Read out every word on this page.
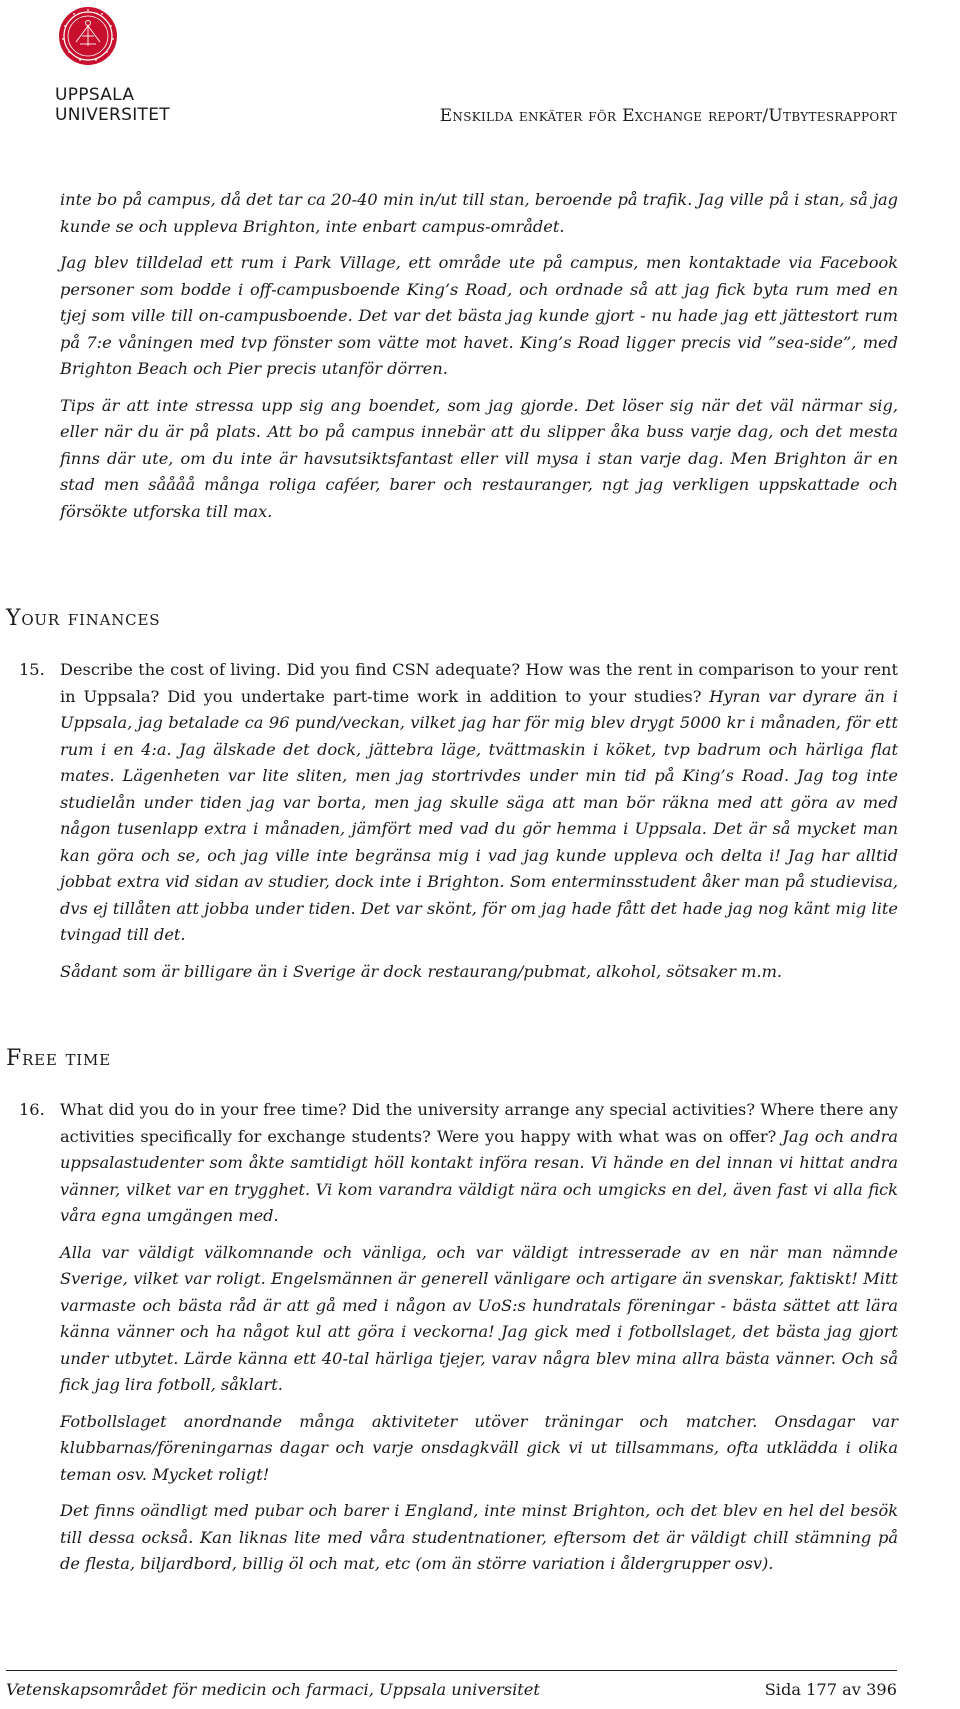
UPPSALA
UNIVERSITET	Enskilda enkäter för Exchange report/Utbytesrapport

inte bo på campus, då det tar ca 20-40 min in/ut till stan, beroende på trafik. Jag ville på i stan, så jag kunde se och uppleva Brighton, inte enbart campus-området.

Jag blev tilldelad ett rum i Park Village, ett område ute på campus, men kontaktade via Facebook personer som bodde i off-campusboende King’s Road, och ordnade så att jag fick byta rum med en tjej som ville till on-campusboende. Det var det bästa jag kunde gjort - nu hade jag ett jättestort rum på 7:e våningen med tvp fönster som vätte mot havet. King’s Road ligger precis vid ”sea-side”, med Brighton Beach och Pier precis utanför dörren.

Tips är att inte stressa upp sig ang boendet, som jag gjorde. Det löser sig när det väl närmar sig, eller när du är på plats. Att bo på campus innebär att du slipper åka buss varje dag, och det mesta finns där ute, om du inte är havsutsiktsfantast eller vill mysa i stan varje dag. Men Brighton är en stad men såååå många roliga caféer, barer och restauranger, ngt jag verkligen uppskattade och försökte utforska till max.

Your finances
15. Describe the cost of living. Did you find CSN adequate? How was the rent in comparison to your rent in Uppsala? Did you undertake part-time work in addition to your studies? Hyran var dyrare än i Uppsala, jag betalade ca 96 pund/veckan, vilket jag har för mig blev drygt 5000 kr i månaden, för ett rum i en 4:a. Jag älskade det dock, jättebra läge, tvättmaskin i köket, tvp badrum och härliga flat mates. Lägenheten var lite sliten, men jag stortrivdes under min tid på King’s Road. Jag tog inte studielån under tiden jag var borta, men jag skulle säga att man bör räkna med att göra av med någon tusenlapp extra i månaden, jämfört med vad du gör hemma i Uppsala. Det är så mycket man kan göra och se, och jag ville inte begränsa mig i vad jag kunde uppleva och delta i! Jag har alltid jobbat extra vid sidan av studier, dock inte i Brighton. Som enterminsstudent åker man på studievisa, dvs ej tillåten att jobba under tiden. Det var skönt, för om jag hade fått det hade jag nog känt mig lite tvingad till det.

Sådant som är billigare än i Sverige är dock restaurang/pubmat, alkohol, sötsaker m.m.

Free time
16. What did you do in your free time? Did the university arrange any special activities? Where there any activities specifically for exchange students? Were you happy with what was on offer? Jag och andra uppsalastudenter som åkte samtidigt höll kontakt införa resan. Vi hände en del innan vi hittat andra vänner, vilket var en trygghet. Vi kom varandra väldigt nära och umgicks en del, även fast vi alla fick våra egna umgängen med.

Alla var väldigt välkomnande och vänliga, och var väldigt intresserade av en när man nämnde Sverige, vilket var roligt. Engelsmännen är generell vänligare och artigare än svenskar, faktiskt! Mitt varmaste och bästa råd är att gå med i någon av UoS:s hundratals föreningar - bästa sättet att lära känna vänner och ha något kul att göra i veckorna! Jag gick med i fotbollslaget, det bästa jag gjort under utbytet. Lärde känna ett 40-tal härliga tjejer, varav några blev mina allra bästa vänner. Och så fick jag lira fotboll, såklart.

Fotbollslaget anordnande många aktiviteter utöver träningar och matcher. Onsdagar var klubbarnas/föreningarnas dagar och varje onsdagkväll gick vi ut tillsammans, ofta utklädda i olika teman osv. Mycket roligt!

Det finns oändligt med pubar och barer i England, inte minst Brighton, och det blev en hel del besök till dessa också. Kan liknas lite med våra studentnationer, eftersom det är väldigt chill stämning på de flesta, biljardbord, billig öl och mat, etc (om än större variation i åldergrupper osv).

Vetenskapsområdet för medicin och farmaci, Uppsala universitet	Sida 177 av 396
